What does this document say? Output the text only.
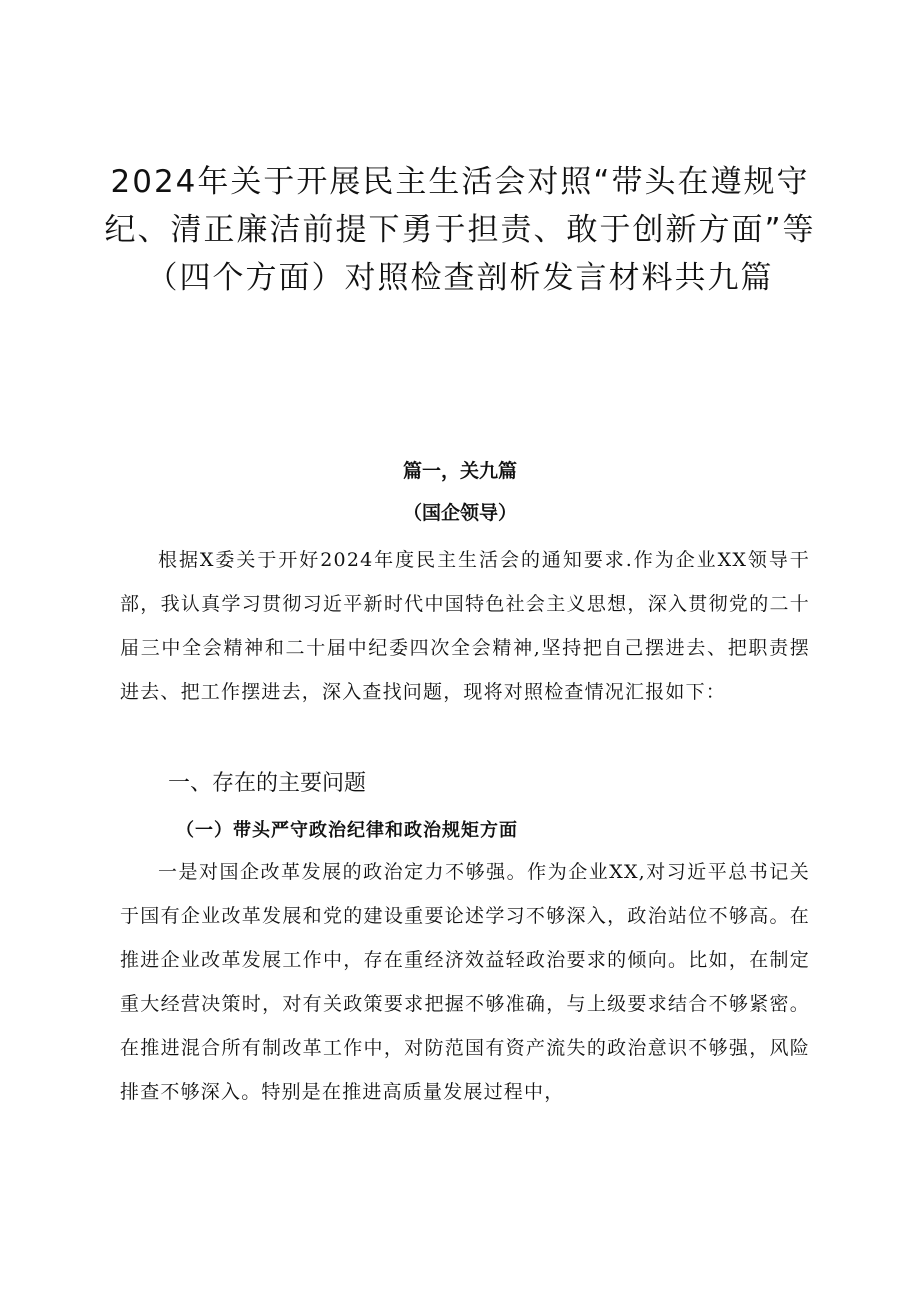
2024年关于开展民主生活会对照“带头在遵规守纪、清正廉洁前提下勇于担责、敢于创新方面”等（四个方面）对照检查剖析发言材料共九篇
篇一，关九篇
（国企领导）

根据X委关于开好2024年度民主生活会的通知要求.作为企业XX领导干部，我认真学习贯彻习近平新时代中国特色社会主义思想，深入贯彻党的二十届三中全会精神和二十届中纪委四次全会精神,坚持把自己摆进去、把职责摆进去、把工作摆进去，深入查找问题，现将对照检查情况汇报如下：

一、存在的主要问题
（一）带头严守政治纪律和政治规矩方面

一是对国企改革发展的政治定力不够强。作为企业XX,对习近平总书记关于国有企业改革发展和党的建设重要论述学习不够深入，政治站位不够高。在推进企业改革发展工作中，存在重经济效益轻政治要求的倾向。比如，在制定重大经营决策时，对有关政策要求把握不够准确，与上级要求结合不够紧密。在推进混合所有制改革工作中，对防范国有资产流失的政治意识不够强，风险排查不够深入。特别是在推进高质量发展过程中，
